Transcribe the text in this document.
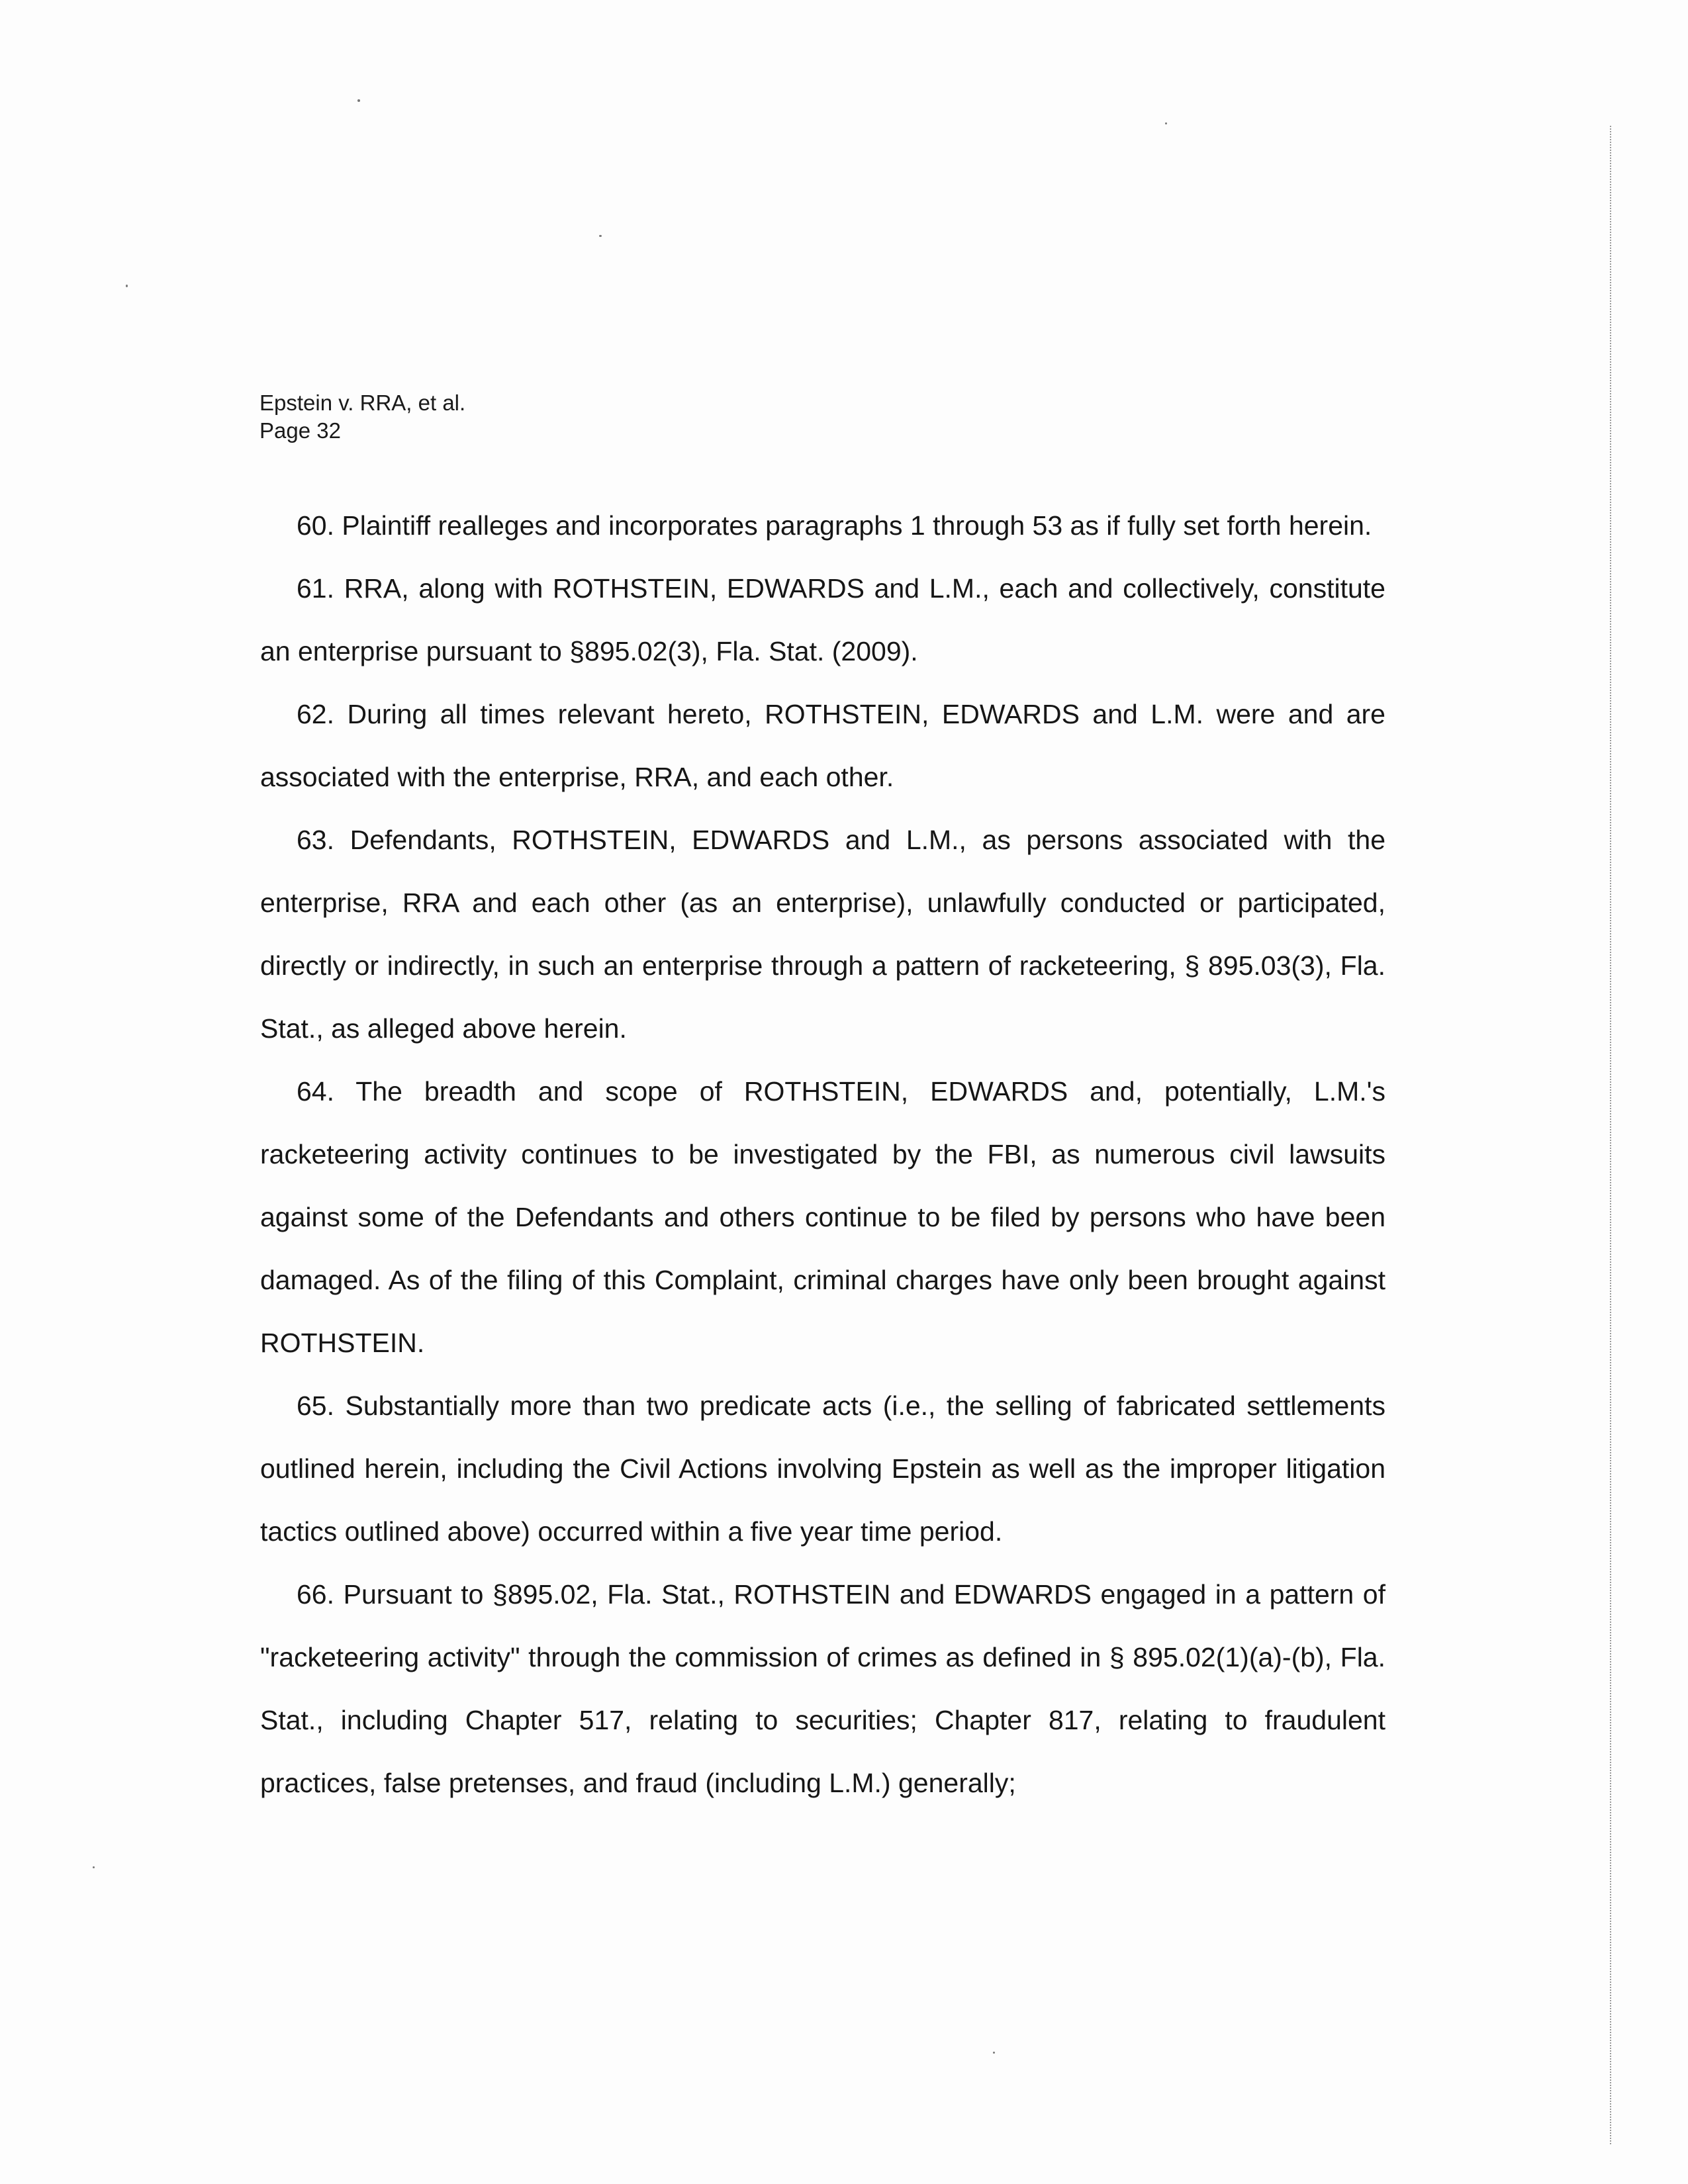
Epstein v. RRA, et al.
Page 32

60. Plaintiff realleges and incorporates paragraphs 1 through 53 as if fully set forth herein.

61. RRA, along with ROTHSTEIN, EDWARDS and L.M., each and collectively, constitute an enterprise pursuant to §895.02(3), Fla. Stat. (2009).

62. During all times relevant hereto, ROTHSTEIN, EDWARDS and L.M. were and are associated with the enterprise, RRA, and each other.

63. Defendants, ROTHSTEIN, EDWARDS and L.M., as persons associated with the enterprise, RRA and each other (as an enterprise), unlawfully conducted or participated, directly or indirectly, in such an enterprise through a pattern of racketeering, § 895.03(3), Fla. Stat., as alleged above herein.

64. The breadth and scope of ROTHSTEIN, EDWARDS and, potentially, L.M.'s racketeering activity continues to be investigated by the FBI, as numerous civil lawsuits against some of the Defendants and others continue to be filed by persons who have been damaged. As of the filing of this Complaint, criminal charges have only been brought against ROTHSTEIN.

65. Substantially more than two predicate acts (i.e., the selling of fabricated settlements outlined herein, including the Civil Actions involving Epstein as well as the improper litigation tactics outlined above) occurred within a five year time period.

66. Pursuant to §895.02, Fla. Stat., ROTHSTEIN and EDWARDS engaged in a pattern of "racketeering activity" through the commission of crimes as defined in § 895.02(1)(a)-(b), Fla. Stat., including Chapter 517, relating to securities; Chapter 817, relating to fraudulent practices, false pretenses, and fraud (including L.M.) generally;
